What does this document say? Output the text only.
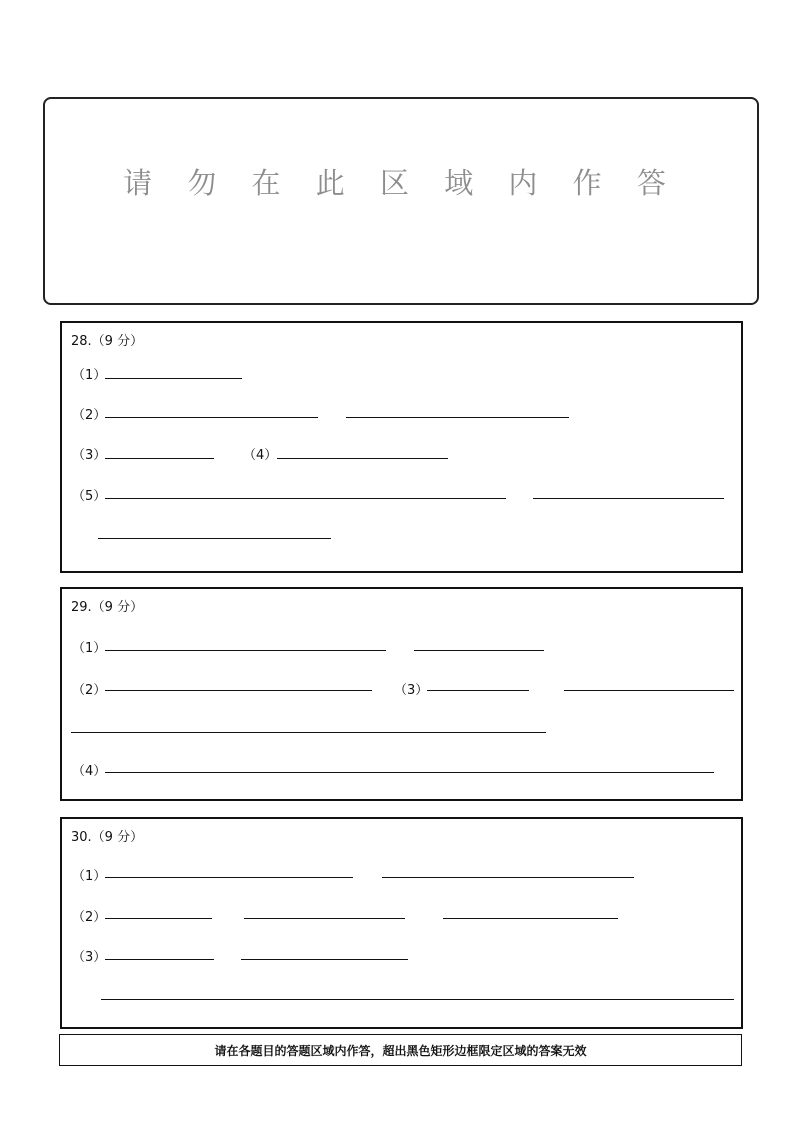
请 勿 在 此 区 域 内 作 答
28.（9 分）
（1）
（2）
（3）	（4）
（5）
29.（9 分）
（1）
（2）	（3）
（4）
30.（9 分）
（1）
（2）
（3）
请在各题目的答题区域内作答，超出黑色矩形边框限定区域的答案无效
